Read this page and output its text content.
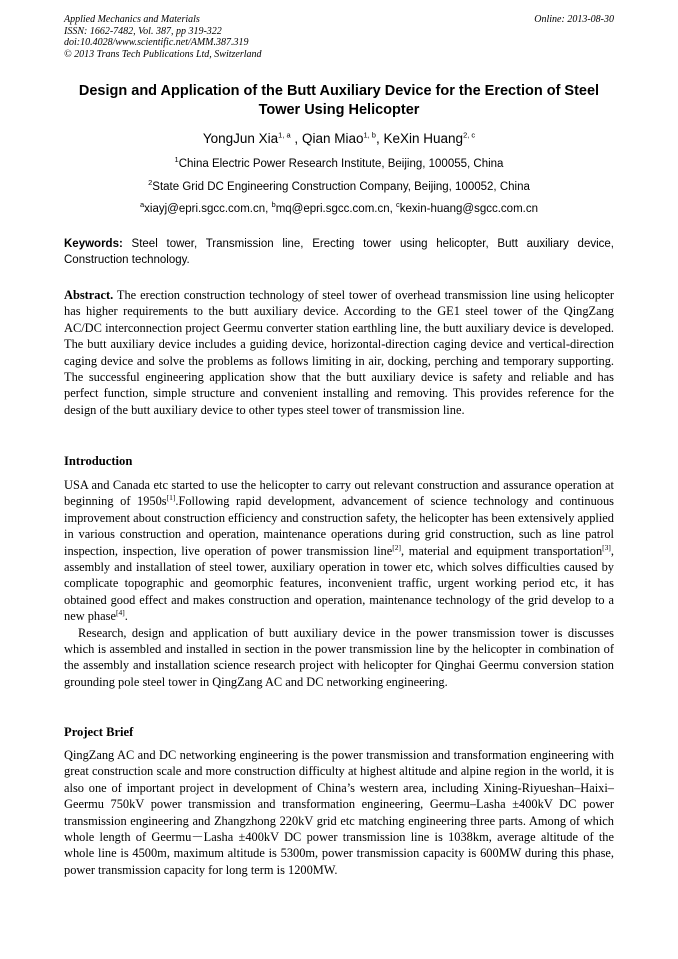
Applied Mechanics and Materials
ISSN: 1662-7482, Vol. 387, pp 319-322
doi:10.4028/www.scientific.net/AMM.387.319
© 2013 Trans Tech Publications Ltd, Switzerland
Online: 2013-08-30
Design and Application of the Butt Auxiliary Device for the Erection of Steel Tower Using Helicopter
YongJun Xia$^{1, a}$ , Qian Miao$^{1, b}$, KeXin Huang$^{2, c}$
$^1$China Electric Power Research Institute, Beijing, 100055, China
$^2$State Grid DC Engineering Construction Company, Beijing, 100052, China
$^a$xiayj@epri.sgcc.com.cn, $^b$mq@epri.sgcc.com.cn, $^c$kexin-huang@sgcc.com.cn
Keywords: Steel tower, Transmission line, Erecting tower using helicopter, Butt auxiliary device, Construction technology.
Abstract. The erection construction technology of steel tower of overhead transmission line using helicopter has higher requirements to the butt auxiliary device. According to the GE1 steel tower of the QingZang AC/DC interconnection project Geermu converter station earthling line, the butt auxiliary device is developed. The butt auxiliary device includes a guiding device, horizontal-direction caging device and vertical-direction caging device and solve the problems as follows limiting in air, docking, perching and temporary supporting. The successful engineering application show that the butt auxiliary device is safety and reliable and has perfect function, simple structure and convenient installing and removing. This provides reference for the design of the butt auxiliary device to other types steel tower of transmission line.
Introduction
USA and Canada etc started to use the helicopter to carry out relevant construction and assurance operation at beginning of 1950s[1].Following rapid development, advancement of science technology and continuous improvement about construction efficiency and construction safety, the helicopter has been extensively applied in various construction and operation, maintenance operations during grid construction, such as line patrol inspection, inspection, live operation of power transmission line[2], material and equipment transportation[3], assembly and installation of steel tower, auxiliary operation in tower etc, which solves difficulties caused by complicate topographic and geomorphic features, inconvenient traffic, urgent working period etc, it has obtained good effect and makes construction and operation, maintenance technology of the grid develop to a new phase[4].
Research, design and application of butt auxiliary device in the power transmission tower is discusses which is assembled and installed in section in the power transmission line by the helicopter in combination of the assembly and installation science research project with helicopter for Qinghai Geermu conversion station grounding pole steel tower in QingZang AC and DC networking engineering.
Project Brief
QingZang AC and DC networking engineering is the power transmission and transformation engineering with great construction scale and more construction difficulty at highest altitude and alpine region in the world, it is also one of important project in development of China’s western area, including Xining-Riyueshan–Haixi–Geermu 750kV power transmission and transformation engineering, Geermu–Lasha ±400kV DC power transmission engineering and Zhangzhong 220kV grid etc matching engineering three parts. Among of which whole length of Geermu－Lasha ±400kV DC power transmission line is 1038km, average altitude of the whole line is 4500m, maximum altitude is 5300m, power transmission capacity is 600MW during this phase, power transmission capacity for long term is 1200MW.
